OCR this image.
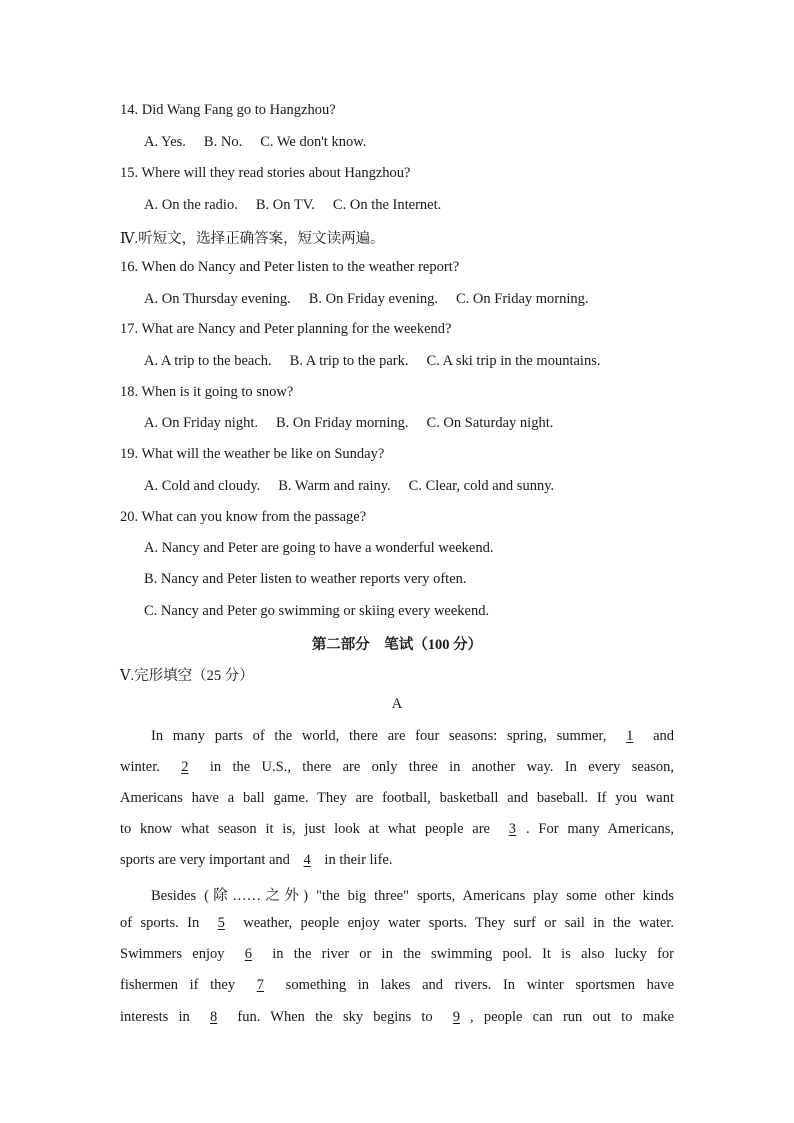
14. Did Wang Fang go to Hangzhou?
A. Yes. B. No. C. We don't know.
15. Where will they read stories about Hangzhou?
A. On the radio. B. On TV. C. On the Internet.
Ⅳ.听短文，选择正确答案，短文读两遍。
16. When do Nancy and Peter listen to the weather report?
A. On Thursday evening. B. On Friday evening. C. On Friday morning.
17. What are Nancy and Peter planning for the weekend?
A. A trip to the beach. B. A trip to the park. C. A ski trip in the mountains.
18. When is it going to snow?
A. On Friday night. B. On Friday morning. C. On Saturday night.
19. What will the weather be like on Sunday?
A. Cold and cloudy. B. Warm and rainy. C. Clear, cold and sunny.
20. What can you know from the passage?
A. Nancy and Peter are going to have a wonderful weekend.
B. Nancy and Peter listen to weather reports very often.
C. Nancy and Peter go swimming or skiing every weekend.
第二部分　笔试（100 分）
Ⅴ.完形填空（25 分）
A
In many parts of the world, there are four seasons: spring, summer, 1 and
winter. 2 in the U.S., there are only three in another way. In every season,
Americans have a ball game. They are football, basketball and baseball. If you want
to know what season it is, just look at what people are 3 . For many Americans,
sports are very important and 4 in their life.
Besides (除……之外) "the big three" sports, Americans play some other kinds
of sports. In 5 weather, people enjoy water sports. They surf or sail in the water.
Swimmers enjoy 6 in the river or in the swimming pool. It is also lucky for
fishermen if they 7 something in lakes and rivers. In winter sportsmen have
interests in 8 fun. When the sky begins to 9 , people can run out to make
